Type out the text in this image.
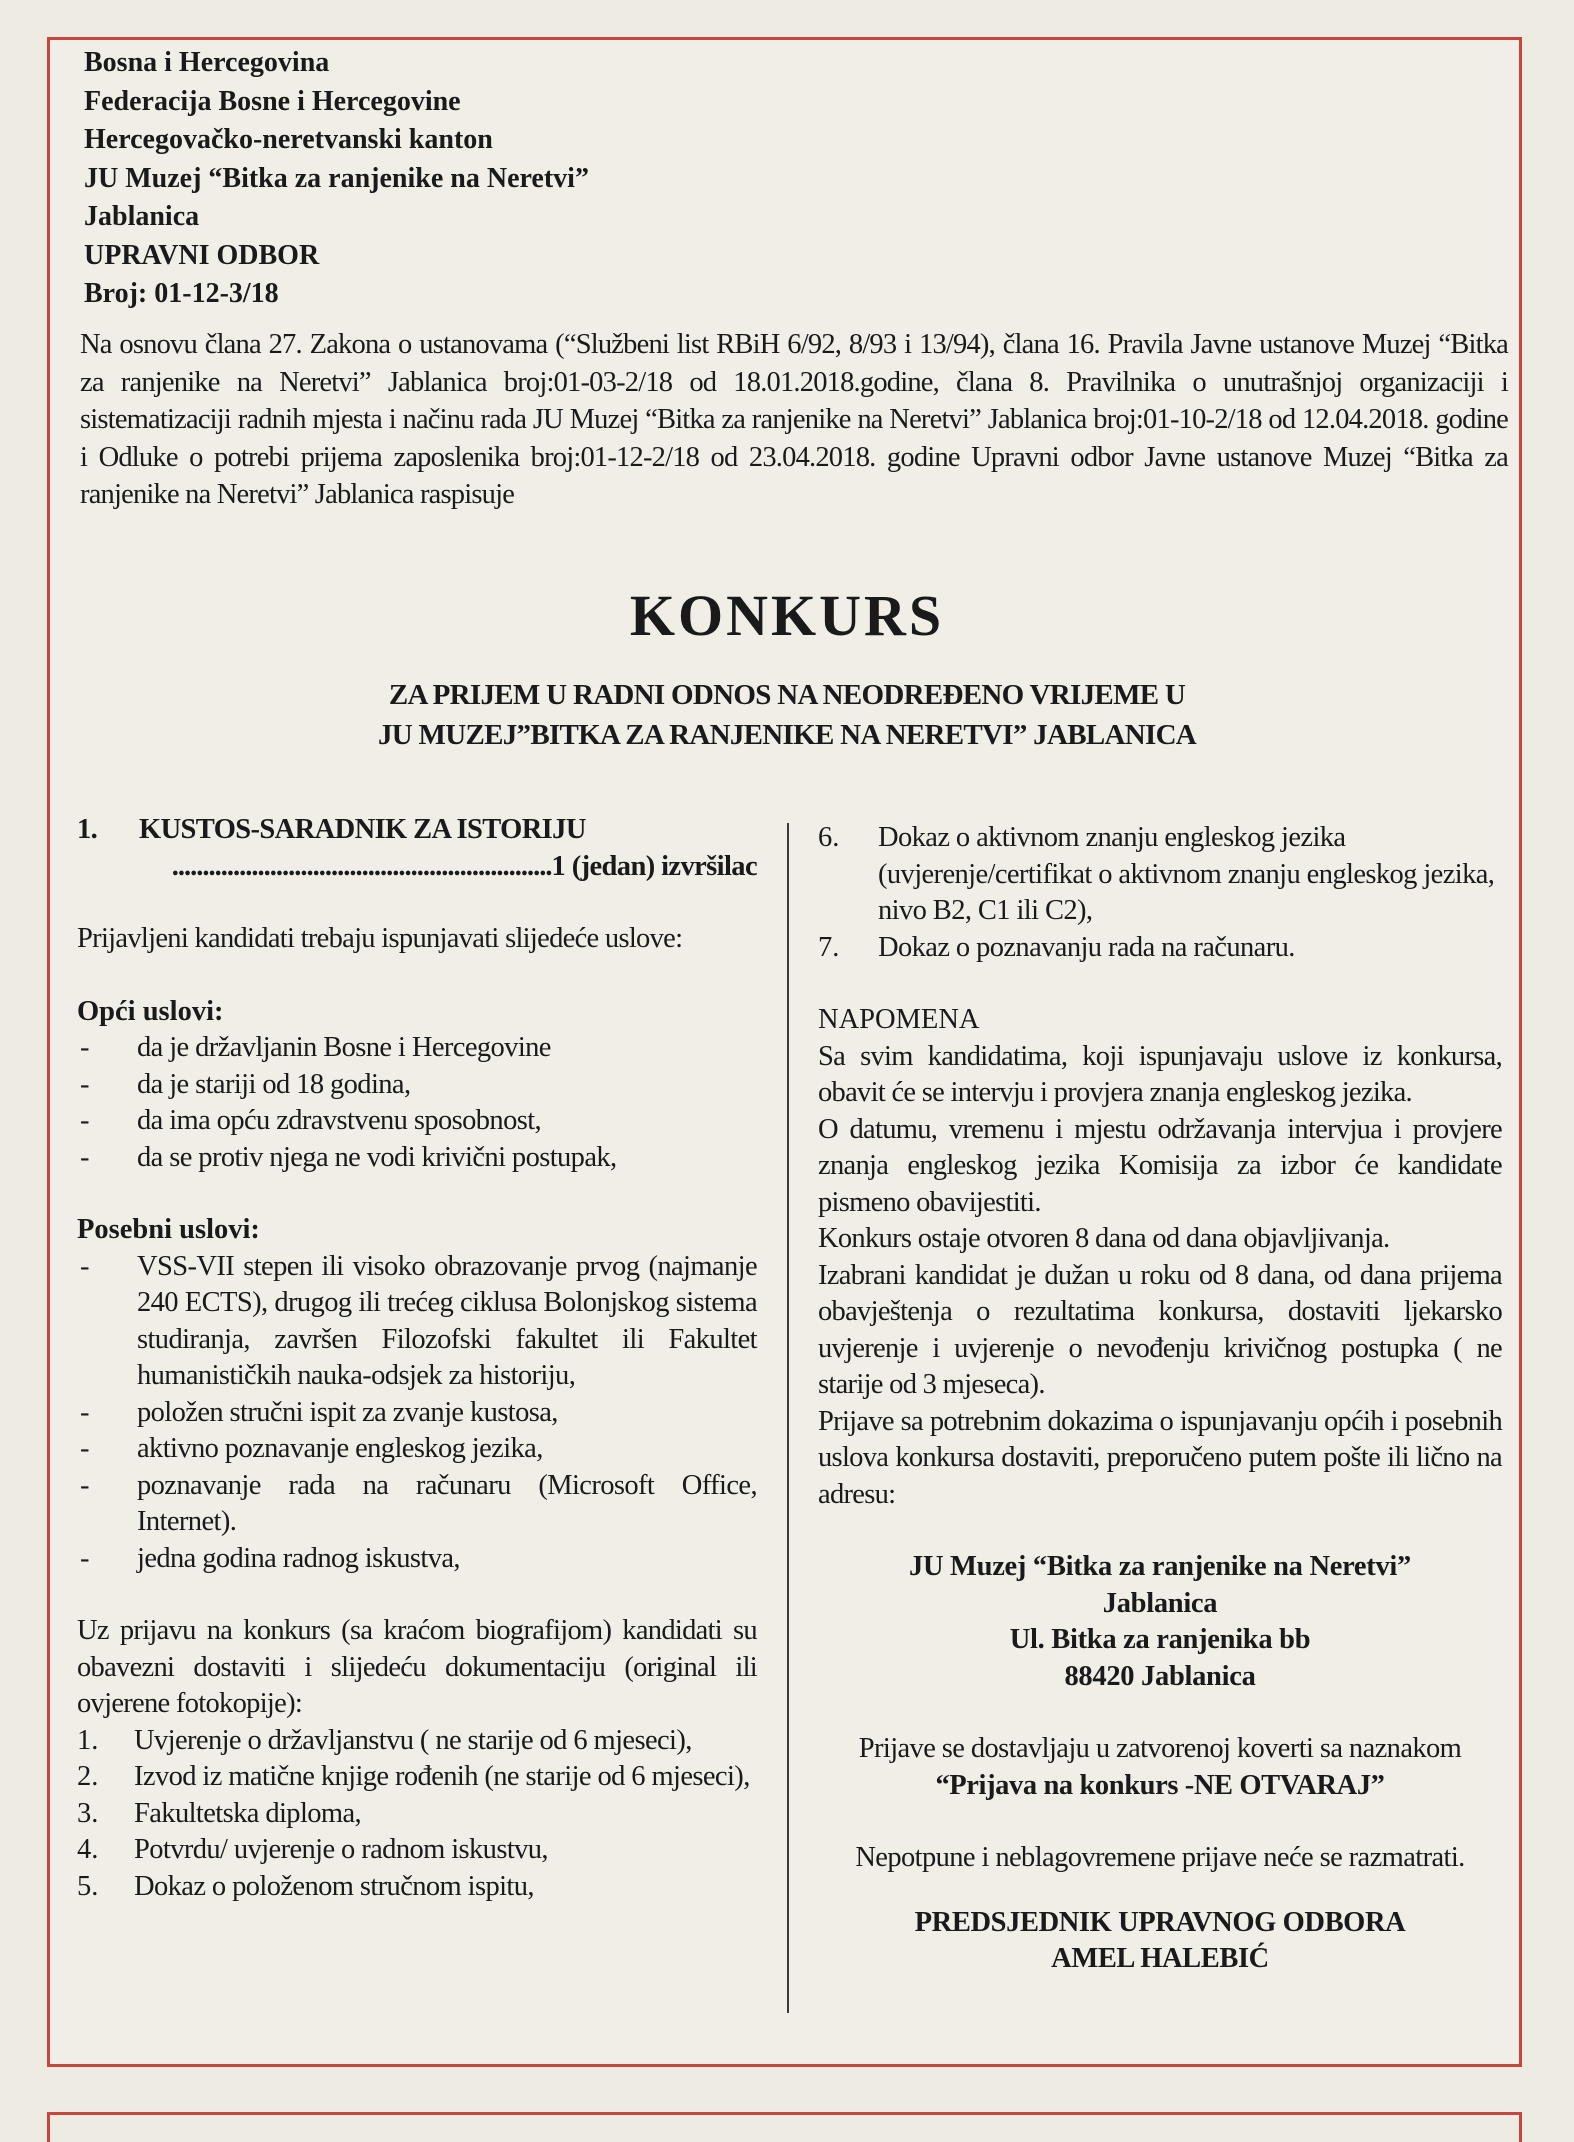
Bosna i Hercegovina
Federacija Bosne i Hercegovine
Hercegovačko-neretvanski kanton
JU Muzej “Bitka za ranjenike na Neretvi”
Jablanica
UPRAVNI ODBOR
Broj: 01-12-3/18
Na osnovu člana 27. Zakona o ustanovama (“Službeni list RBiH 6/92, 8/93 i 13/94), člana 16. Pravila Javne ustanove Muzej “Bitka za ranjenike na Neretvi” Jablanica broj:01-03-2/18 od 18.01.2018.godine, člana 8. Pravilnika o unutrašnjoj organizaciji i sistematizaciji radnih mjesta i načinu rada JU Muzej “Bitka za ranjenike na Neretvi” Jablanica broj:01-10-2/18 od 12.04.2018. godine i Odluke o potrebi prijema zaposlenika broj:01-12-2/18 od 23.04.2018. godine Upravni odbor Javne ustanove Muzej “Bitka za ranjenike na Neretvi” Jablanica raspisuje
KONKURS
ZA PRIJEM U RADNI ODNOS NA NEODREĐENO VRIJEME U
JU MUZEJ”BITKA ZA RANJENIKE NA NERETVI” JABLANICA
1.	KUSTOS-SARADNIK ZA ISTORIJU
..............................................................1 (jedan) izvršilac

Prijavljeni kandidati trebaju ispunjavati slijedeće uslove:

Opći uslovi:
-	da je državljanin Bosne i Hercegovine
-	da je stariji od 18 godina,
-	da ima opću zdravstvenu sposobnost,
-	da se protiv njega ne vodi krivični postupak,
Posebni uslovi:
-	VSS-VII stepen ili visoko obrazovanje prvog (najmanje 240 ECTS), drugog ili trećeg ciklusa Bolonjskog sistema studiranja, završen Filozofski fakultet ili Fakultet humanističkih nauka-odsjek za historiju,
-	položen stručni ispit za zvanje kustosa,
-	aktivno poznavanje engleskog jezika,
-	poznavanje rada na računaru (Microsoft Office, Internet).
-	jedna godina radnog iskustva,

Uz prijavu na konkurs (sa kraćom biografijom) kandidati su obavezni dostaviti i slijedeću dokumentaciju (original ili ovjerene fotokopije):

1.	Uvjerenje o državljanstvu ( ne starije od 6 mjeseci),
2.	Izvod iz matične knjige rođenih (ne starije od 6 mjeseci),
3.	Fakultetska diploma,
4.	Potvrdu/ uvjerenje o radnom iskustvu,
5.	Dokaz o položenom stručnom ispitu,
6.	Dokaz o aktivnom znanju engleskog jezika (uvjerenje/certifikat o aktivnom znanju engleskog jezika, nivo B2, C1 ili C2),
7.	Dokaz o poznavanju rada na računaru.
NAPOMENA

Sa svim kandidatima, koji ispunjavaju uslove iz konkursa, obavit će se intervju i provjera znanja engleskog jezika.

O datumu, vremenu i mjestu održavanja intervjua i provjere znanja engleskog jezika Komisija za izbor će kandidate pismeno obavijestiti.

Konkurs ostaje otvoren 8 dana od dana objavljivanja.

Izabrani kandidat je dužan u roku od 8 dana, od dana prijema obavještenja o rezultatima konkursa, dostaviti ljekarsko uvjerenje i uvjerenje o nevođenju krivičnog postupka ( ne starije od 3 mjeseca).

Prijave sa potrebnim dokazima o ispunjavanju općih i posebnih uslova konkursa dostaviti, preporučeno putem pošte ili lično na adresu:

JU Muzej “Bitka za ranjenike na Neretvi”
Jablanica
Ul. Bitka za ranjenika bb
88420 Jablanica
Prijave se dostavljaju u zatvorenoj koverti sa naznakom
“Prijava na konkurs -NE OTVARAJ”
Nepotpune i neblagovremene prijave neće se razmatrati.
PREDSJEDNIK UPRAVNOG ODBORA
AMEL HALEBIĆ
